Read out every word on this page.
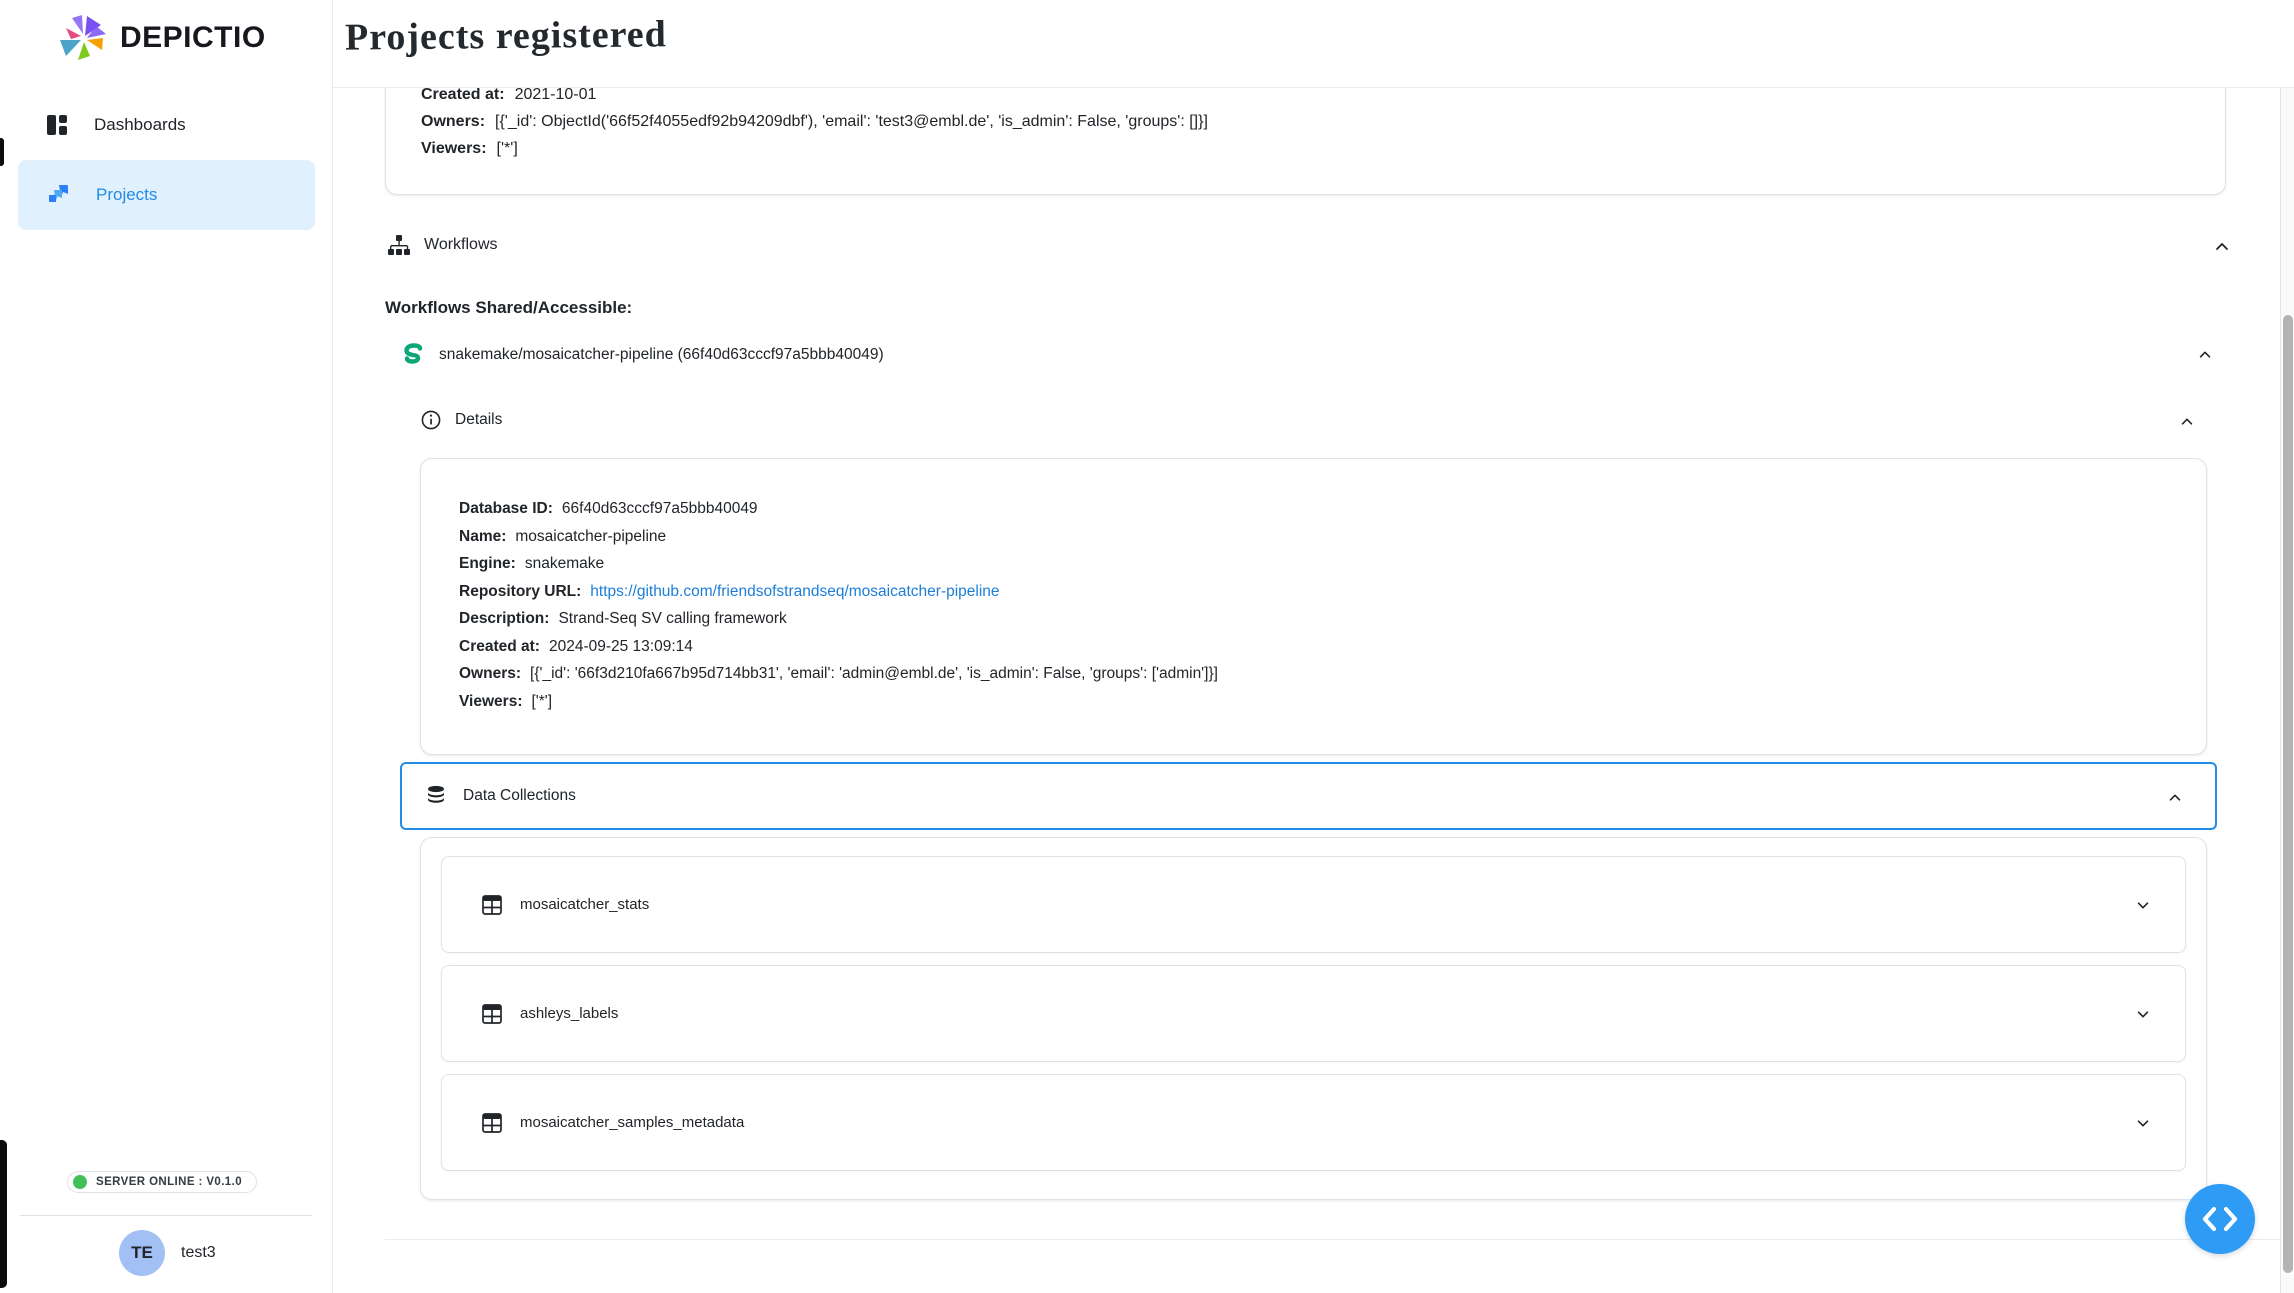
DEPICTIO
Dashboards
Projects
SERVER ONLINE : V0.1.0
TE	test3
Projects registered
Created at: 2021-10-01
Owners: [{'_id': ObjectId('66f52f4055edf92b94209dbf'), 'email': 'test3@embl.de', 'is_admin': False, 'groups': []}]
Viewers: ['*']
Workflows
Workflows Shared/Accessible:
snakemake/mosaicatcher-pipeline (66f40d63cccf97a5bbb40049)
Details
Database ID: 66f40d63cccf97a5bbb40049
Name: mosaicatcher-pipeline
Engine: snakemake
Repository URL: https://github.com/friendsofstrandseq/mosaicatcher-pipeline
Description: Strand-Seq SV calling framework
Created at: 2024-09-25 13:09:14
Owners: [{'_id': '66f3d210fa667b95d714bb31', 'email': 'admin@embl.de', 'is_admin': False, 'groups': ['admin']}]
Viewers: ['*']
Data Collections
mosaicatcher_stats
ashleys_labels
mosaicatcher_samples_metadata
